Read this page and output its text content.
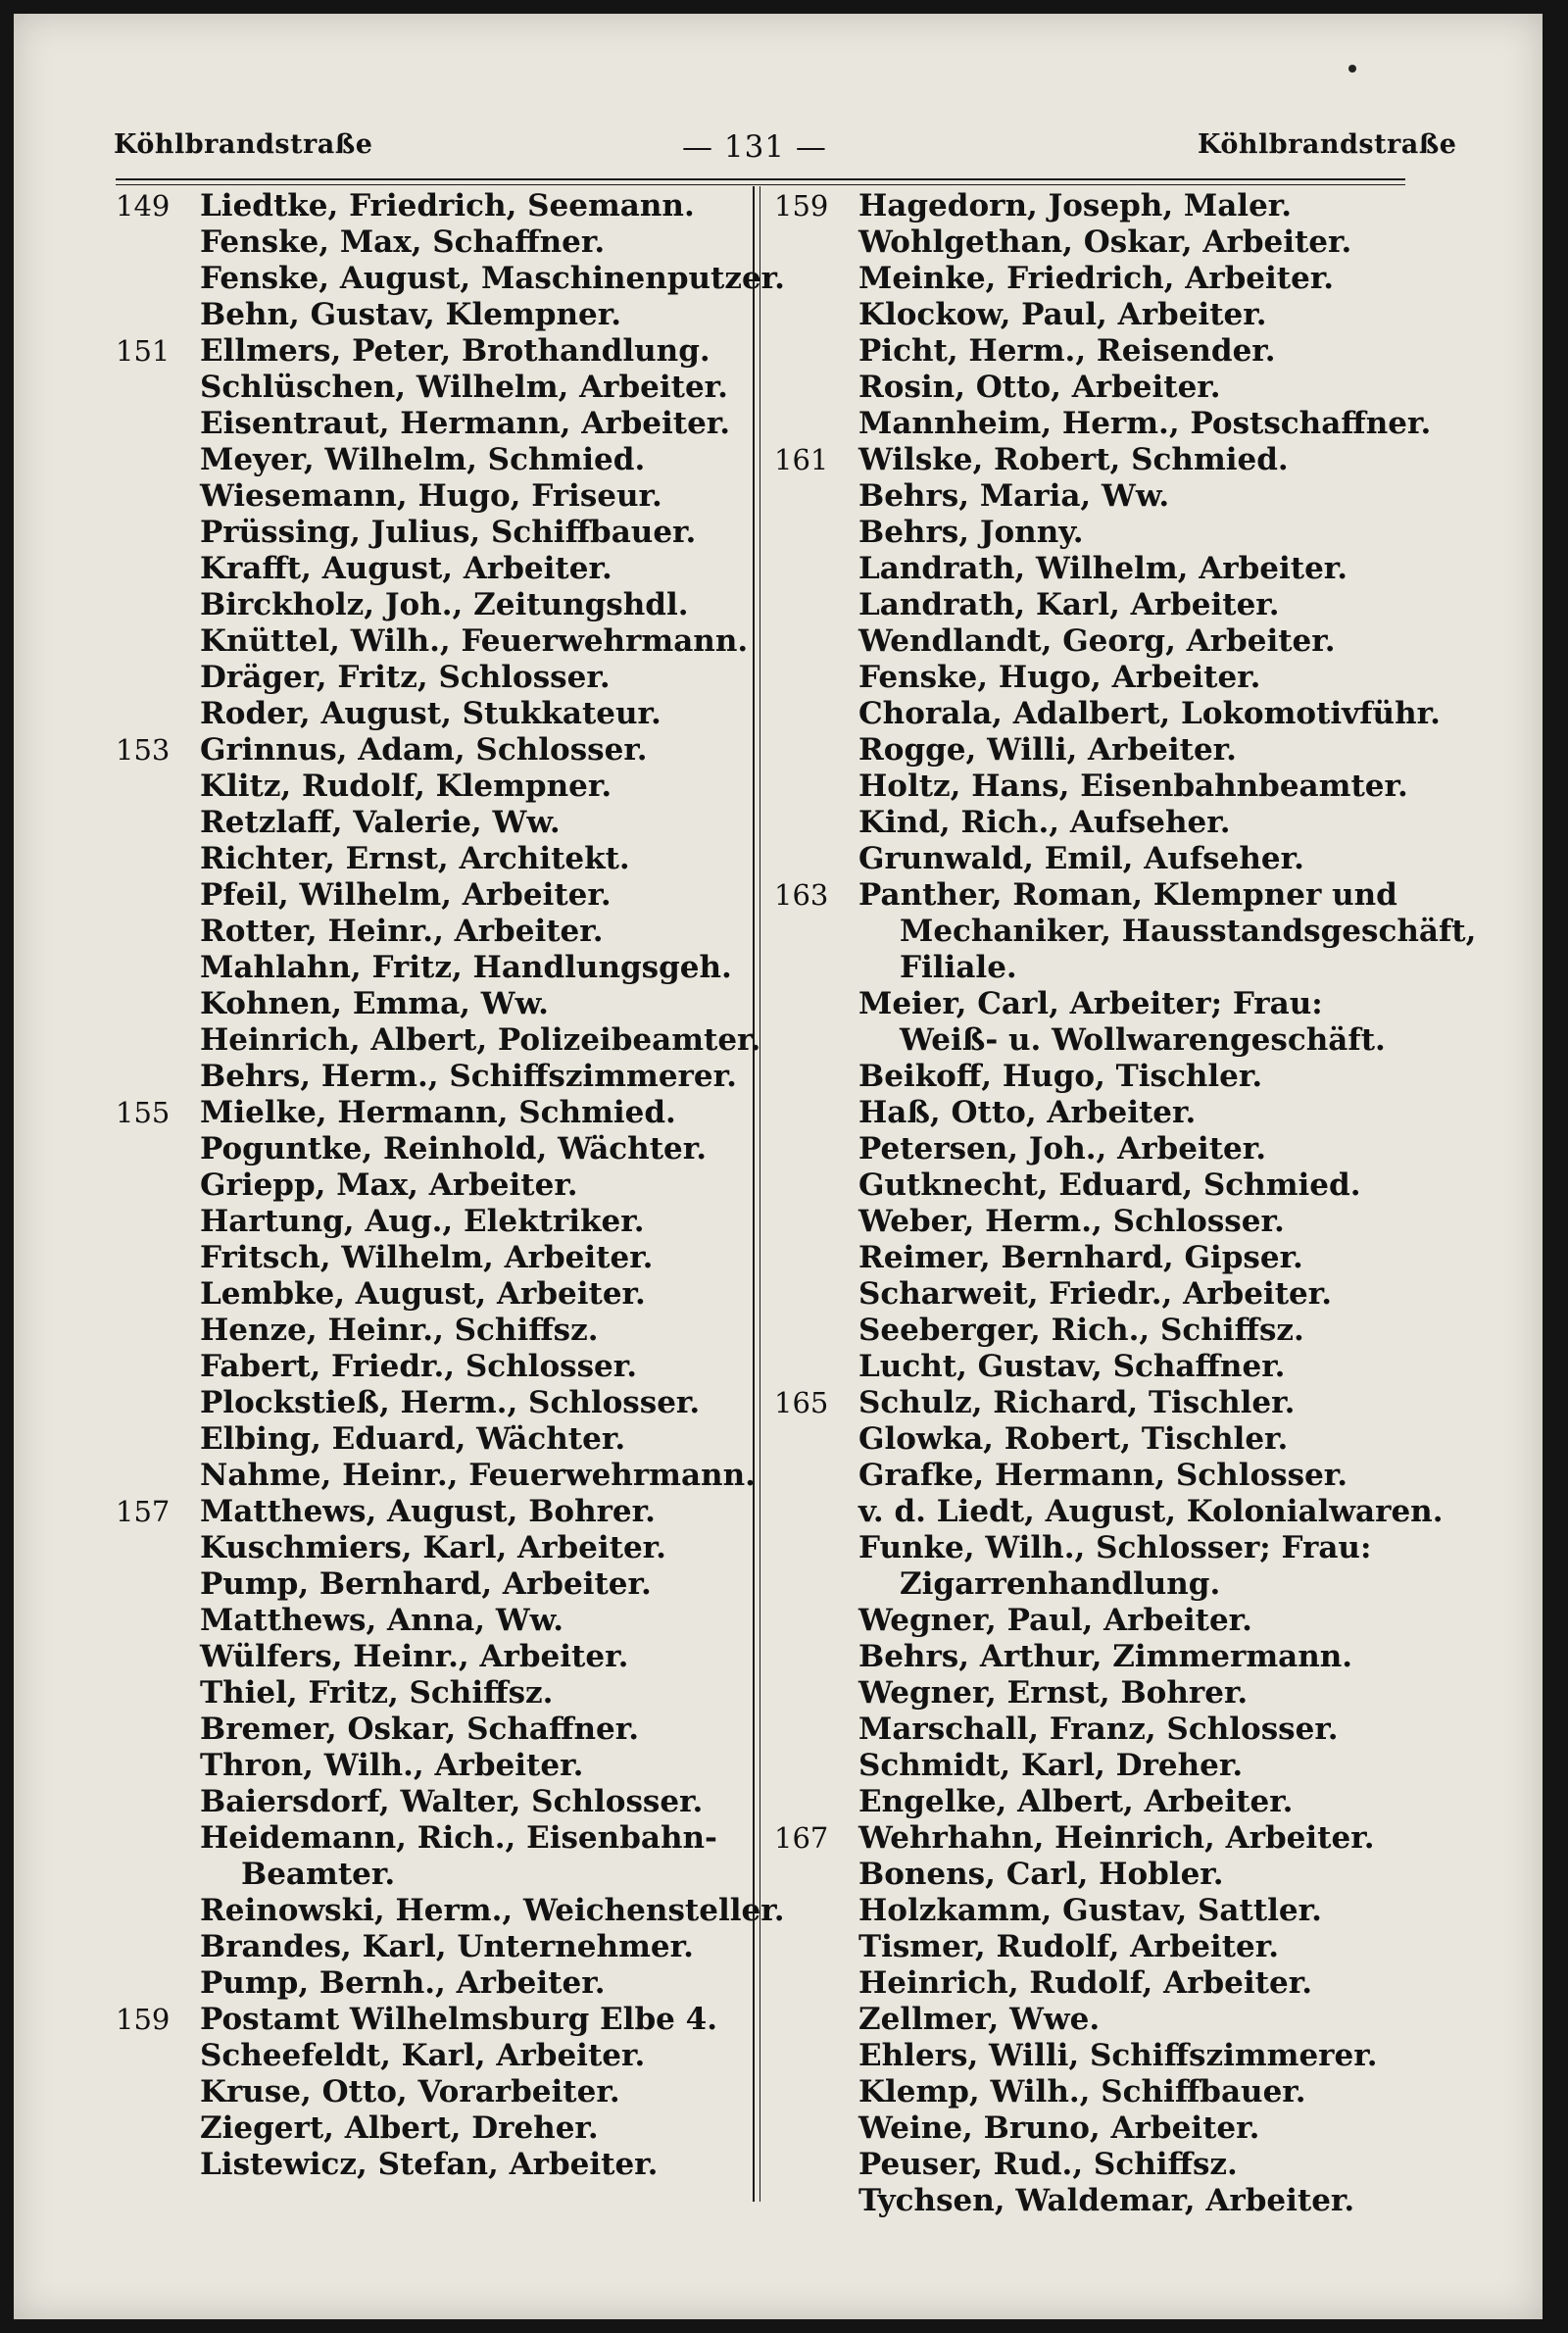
Köhlbrandstraße	— 131 —	Köhlbrandstraße
149 Liedtke, Friedrich, Seemann.
Fenske, Max, Schaffner.
Fenske, August, Maschinenputzer.
Behn, Gustav, Klempner.
151 Ellmers, Peter, Brothandlung.
Schlüschen, Wilhelm, Arbeiter.
Eisentraut, Hermann, Arbeiter.
Meyer, Wilhelm, Schmied.
Wiesemann, Hugo, Friseur.
Prüssing, Julius, Schiffbauer.
Krafft, August, Arbeiter.
Birckholz, Joh., Zeitungshdl.
Knüttel, Wilh., Feuerwehrmann.
Dräger, Fritz, Schlosser.
Roder, August, Stukkateur.
153 Grinnus, Adam, Schlosser.
Klitz, Rudolf, Klempner.
Retzlaff, Valerie, Ww.
Richter, Ernst, Architekt.
Pfeil, Wilhelm, Arbeiter.
Rotter, Heinr., Arbeiter.
Mahlahn, Fritz, Handlungsgeh.
Kohnen, Emma, Ww.
Heinrich, Albert, Polizeibeamter.
Behrs, Herm., Schiffszimmerer.
155 Mielke, Hermann, Schmied.
Poguntke, Reinhold, Wächter.
Griepp, Max, Arbeiter.
Hartung, Aug., Elektriker.
Fritsch, Wilhelm, Arbeiter.
Lembke, August, Arbeiter.
Henze, Heinr., Schiffsz.
Fabert, Friedr., Schlosser.
Plockstieß, Herm., Schlosser.
Elbing, Eduard, Wächter.
Nahme, Heinr., Feuerwehrmann.
157 Matthews, August, Bohrer.
Kuschmiers, Karl, Arbeiter.
Pump, Bernhard, Arbeiter.
Matthews, Anna, Ww.
Wülfers, Heinr., Arbeiter.
Thiel, Fritz, Schiffsz.
Bremer, Oskar, Schaffner.
Thron, Wilh., Arbeiter.
Baiersdorf, Walter, Schlosser.
Heidemann, Rich., Eisenbahn-
Beamter.
Reinowski, Herm., Weichensteller.
Brandes, Karl, Unternehmer.
Pump, Bernh., Arbeiter.
159 Postamt Wilhelmsburg Elbe 4.
Scheefeldt, Karl, Arbeiter.
Kruse, Otto, Vorarbeiter.
Ziegert, Albert, Dreher.
Listewicz, Stefan, Arbeiter.
159 Hagedorn, Joseph, Maler.
Wohlgethan, Oskar, Arbeiter.
Meinke, Friedrich, Arbeiter.
Klockow, Paul, Arbeiter.
Picht, Herm., Reisender.
Rosin, Otto, Arbeiter.
Mannheim, Herm., Postschaffner.
161 Wilske, Robert, Schmied.
Behrs, Maria, Ww.
Behrs, Jonny.
Landrath, Wilhelm, Arbeiter.
Landrath, Karl, Arbeiter.
Wendlandt, Georg, Arbeiter.
Fenske, Hugo, Arbeiter.
Chorala, Adalbert, Lokomotivführ.
Rogge, Willi, Arbeiter.
Holtz, Hans, Eisenbahnbeamter.
Kind, Rich., Aufseher.
Grunwald, Emil, Aufseher.
163 Panther, Roman, Klempner und
Mechaniker, Hausstandsgeschäft,
Filiale.
Meier, Carl, Arbeiter; Frau:
Weiß- u. Wollwarengeschäft.
Beikoff, Hugo, Tischler.
Haß, Otto, Arbeiter.
Petersen, Joh., Arbeiter.
Gutknecht, Eduard, Schmied.
Weber, Herm., Schlosser.
Reimer, Bernhard, Gipser.
Scharweit, Friedr., Arbeiter.
Seeberger, Rich., Schiffsz.
Lucht, Gustav, Schaffner.
165 Schulz, Richard, Tischler.
Glowka, Robert, Tischler.
Grafke, Hermann, Schlosser.
v. d. Liedt, August, Kolonialwaren.
Funke, Wilh., Schlosser; Frau:
Zigarrenhandlung.
Wegner, Paul, Arbeiter.
Behrs, Arthur, Zimmermann.
Wegner, Ernst, Bohrer.
Marschall, Franz, Schlosser.
Schmidt, Karl, Dreher.
Engelke, Albert, Arbeiter.
167 Wehrhahn, Heinrich, Arbeiter.
Bonens, Carl, Hobler.
Holzkamm, Gustav, Sattler.
Tismer, Rudolf, Arbeiter.
Heinrich, Rudolf, Arbeiter.
Zellmer, Wwe.
Ehlers, Willi, Schiffszimmerer.
Klemp, Wilh., Schiffbauer.
Weine, Bruno, Arbeiter.
Peuser, Rud., Schiffsz.
Tychsen, Waldemar, Arbeiter.
